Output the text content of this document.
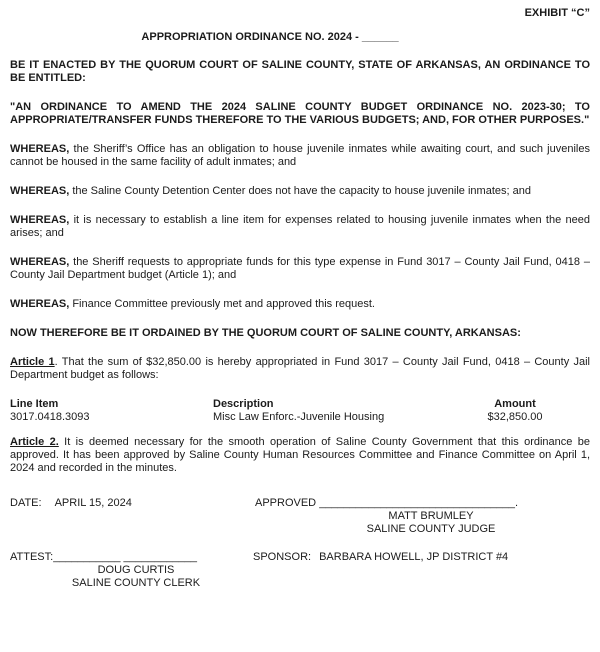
EXHIBIT “C”
APPROPRIATION ORDINANCE NO. 2024 - ______

BE IT ENACTED BY THE QUORUM COURT OF SALINE COUNTY, STATE OF ARKANSAS, AN ORDINANCE TO BE ENTITLED:

"AN ORDINANCE TO AMEND THE 2024 SALINE COUNTY BUDGET ORDINANCE NO. 2023-30; TO APPROPRIATE/TRANSFER FUNDS THEREFORE TO THE VARIOUS BUDGETS; AND, FOR OTHER PURPOSES."

WHEREAS, the Sheriff’s Office has an obligation to house juvenile inmates while awaiting court, and such juveniles cannot be housed in the same facility of adult inmates; and

WHEREAS, the Saline County Detention Center does not have the capacity to house juvenile inmates; and

WHEREAS, it is necessary to establish a line item for expenses related to housing juvenile inmates when the need arises; and

WHEREAS, the Sheriff requests to appropriate funds for this type expense in Fund 3017 – County Jail Fund, 0418 – County Jail Department budget (Article 1); and

WHEREAS, Finance Committee previously met and approved this request.

NOW THEREFORE BE IT ORDAINED BY THE QUORUM COURT OF SALINE COUNTY, ARKANSAS:

Article 1. That the sum of $32,850.00 is hereby appropriated in Fund 3017 – County Jail Fund, 0418 – County Jail Department budget as follows:

Line Item	Description	Amount
3017.0418.3093	Misc Law Enforc.-Juvenile Housing	$32,850.00

Article 2. It is deemed necessary for the smooth operation of Saline County Government that this ordinance be approved. It has been approved by Saline County Human Resources Committee and Finance Committee on April 1, 2024 and recorded in the minutes.

DATE: APRIL 15, 2024	APPROVED ________________________________.
MATT BRUMLEY
SALINE COUNTY JUDGE
ATTEST:___________ ____________
DOUG CURTIS
SALINE COUNTY CLERK
SPONSOR: BARBARA HOWELL, JP DISTRICT #4
